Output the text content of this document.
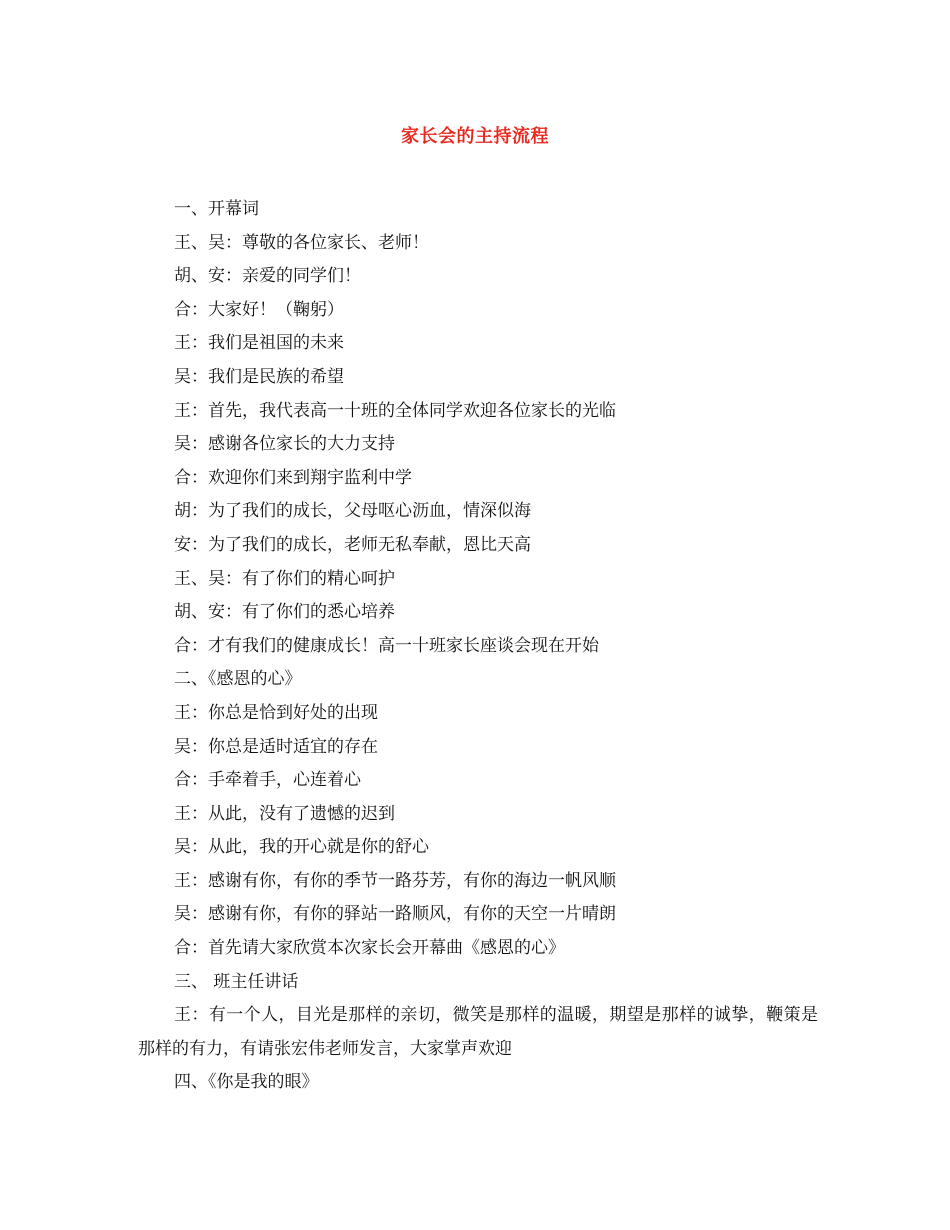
家长会的主持流程
一、开幕词
王、吴：尊敬的各位家长、老师！
胡、安：亲爱的同学们！
合：大家好！（鞠躬）
王：我们是祖国的未来
吴：我们是民族的希望
王：首先，我代表高一十班的全体同学欢迎各位家长的光临
吴：感谢各位家长的大力支持
合：欢迎你们来到翔宇监利中学
胡：为了我们的成长，父母呕心沥血，情深似海
安：为了我们的成长，老师无私奉献，恩比天高
王、吴：有了你们的精心呵护
胡、安：有了你们的悉心培养
合：才有我们的健康成长！高一十班家长座谈会现在开始
二、《感恩的心》
王：你总是恰到好处的出现
吴：你总是适时适宜的存在
合：手牵着手，心连着心
王：从此，没有了遗憾的迟到
吴：从此，我的开心就是你的舒心
王：感谢有你，有你的季节一路芬芳，有你的海边一帆风顺
吴：感谢有你，有你的驿站一路顺风，有你的天空一片晴朗
合：首先请大家欣赏本次家长会开幕曲《感恩的心》
三、 班主任讲话
王：有一个人，目光是那样的亲切，微笑是那样的温暖，期望是那样的诚挚，鞭策是那样的有力，有请张宏伟老师发言，大家掌声欢迎
四、《你是我的眼》
